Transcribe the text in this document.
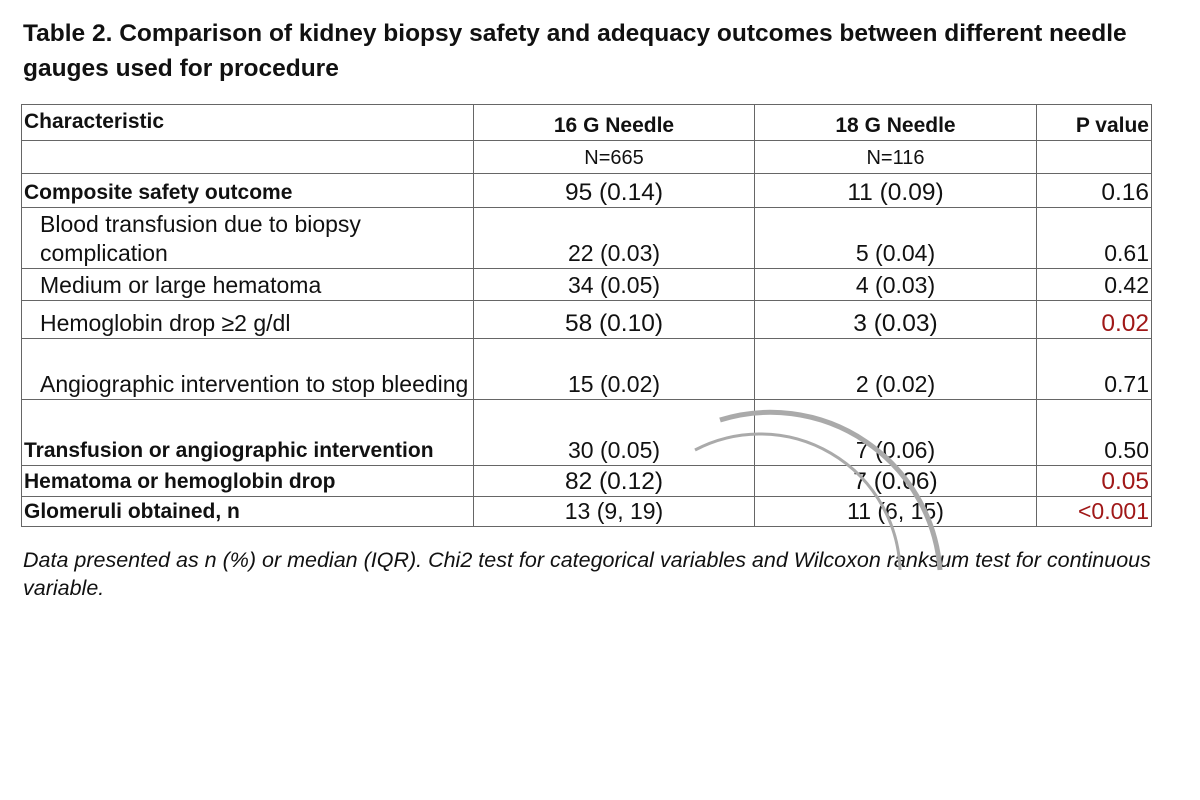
Table 2. Comparison of kidney biopsy safety and adequacy outcomes between different needle gauges used for procedure
Characteristic	16 G Needle	18 G Needle	P value
	N=665	N=116	
Composite safety outcome	95 (0.14)	11 (0.09)	0.16
Blood transfusion due to biopsy complication	22 (0.03)	5 (0.04)	0.61
Medium or large hematoma	34 (0.05)	4 (0.03)	0.42
Hemoglobin drop ≥2 g/dl	58 (0.10)	3 (0.03)	0.02
Angiographic intervention to stop bleeding	15 (0.02)	2 (0.02)	0.71
Transfusion or angiographic intervention	30 (0.05)	7 (0.06)	0.50
Hematoma or hemoglobin drop	82 (0.12)	7 (0.06)	0.05
Glomeruli obtained, n	13 (9, 19)	11 (6, 15)	<0.001
Data presented as n (%) or median (IQR). Chi2 test for categorical variables and Wilcoxon ranksum test for continuous variable.
